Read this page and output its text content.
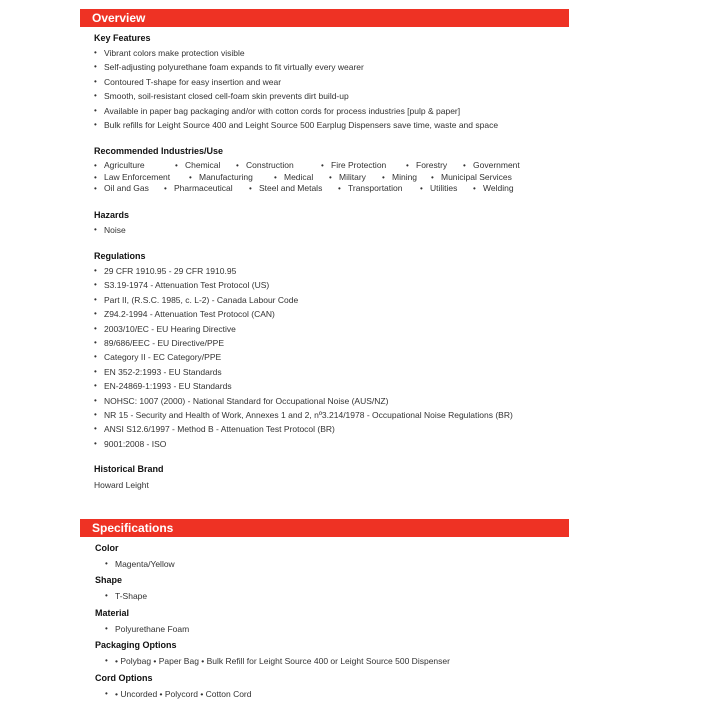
Overview
Key Features
• Vibrant colors make protection visible
• Self-adjusting polyurethane foam expands to fit virtually every wearer
• Contoured T-shape for easy insertion and wear
• Smooth, soil-resistant closed cell-foam skin prevents dirt build-up
• Available in paper bag packaging and/or with cotton cords for process industries [pulp & paper]
• Bulk refills for Leight Source 400 and Leight Source 500 Earplug Dispensers save time, waste and space
Recommended Industries/Use
• Agriculture	• Chemical	• Construction	• Fire Protection	• Forestry	• Government
• Law Enforcement	• Manufacturing	• Medical	• Military	• Mining	• Municipal Services
• Oil and Gas	• Pharmaceutical	• Steel and Metals	• Transportation	• Utilities	• Welding
Hazards
• Noise
Regulations
• 29 CFR 1910.95 - 29 CFR 1910.95
• S3.19-1974 - Attenuation Test Protocol (US)
• Part II, (R.S.C. 1985, c. L-2) - Canada Labour Code
• Z94.2-1994 - Attenuation Test Protocol (CAN)
• 2003/10/EC - EU Hearing Directive
• 89/686/EEC - EU Directive/PPE
• Category II - EC Category/PPE
• EN 352-2:1993 - EU Standards
• EN-24869-1:1993 - EU Standards
• NOHSC: 1007 (2000) - National Standard for Occupational Noise (AUS/NZ)
• NR 15 - Security and Health of Work, Annexes 1 and 2, nº3.214/1978 - Occupational Noise Regulations (BR)
• ANSI S12.6/1997 - Method B - Attenuation Test Protocol (BR)
• 9001:2008 - ISO
Historical Brand
Howard Leight
Specifications
Color
• Magenta/Yellow
Shape
• T-Shape
Material
• Polyurethane Foam
Packaging Options
• • Polybag • Paper Bag • Bulk Refill for Leight Source 400 or Leight Source 500 Dispenser
Cord Options
• • Uncorded • Polycord • Cotton Cord
